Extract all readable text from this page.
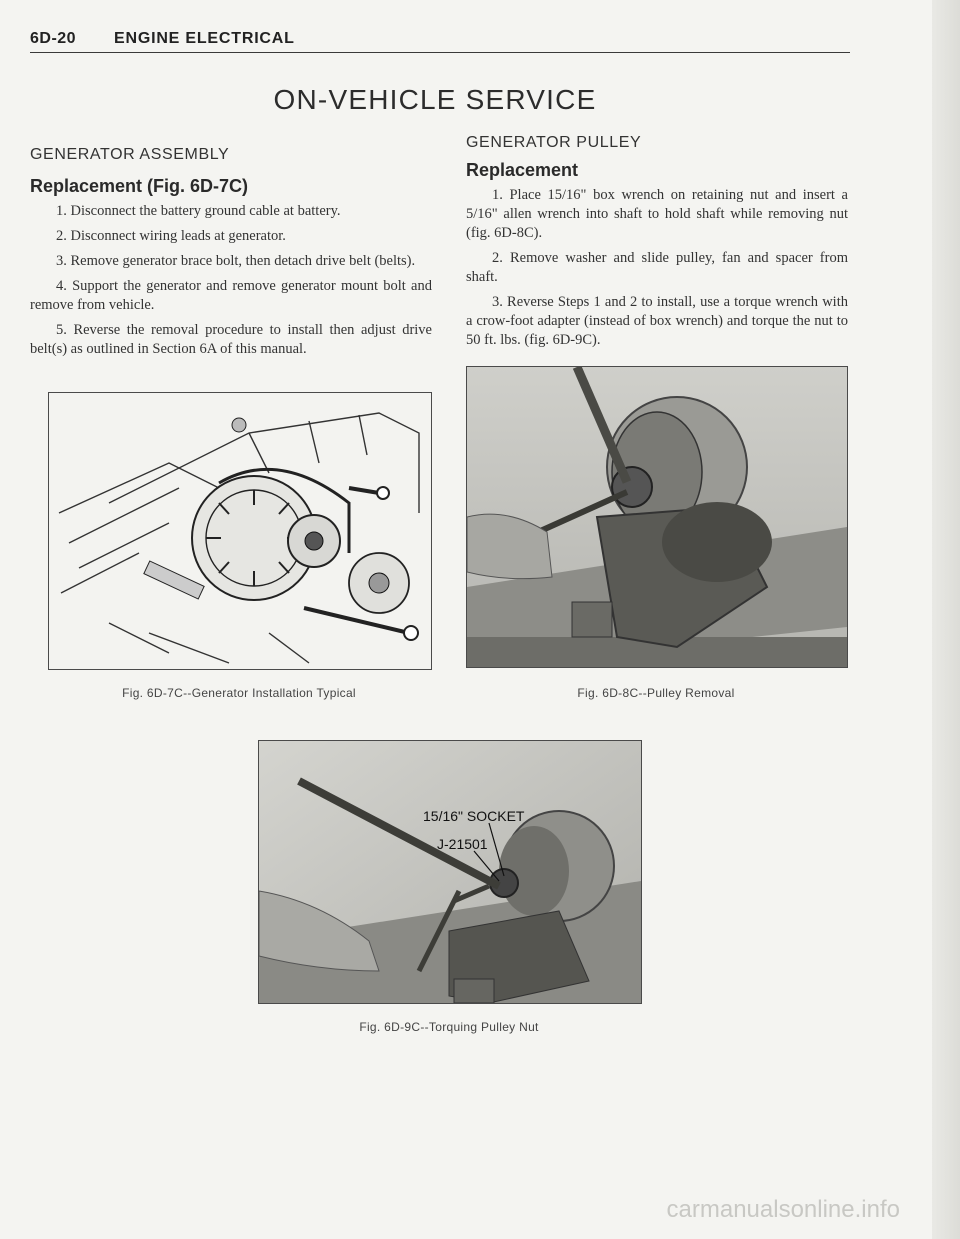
6D-20 ENGINE ELECTRICAL
ON-VEHICLE SERVICE
GENERATOR ASSEMBLY
Replacement (Fig. 6D-7C)

1. Disconnect the battery ground cable at battery.

2. Disconnect wiring leads at generator.

3. Remove generator brace bolt, then detach drive belt (belts).

4. Support the generator and remove generator mount bolt and remove from vehicle.

5. Reverse the removal procedure to install then adjust drive belt(s) as outlined in Section 6A of this manual.

GENERATOR PULLEY
Replacement

1. Place 15/16" box wrench on retaining nut and insert a 5/16" allen wrench into shaft to hold shaft while removing nut (fig. 6D-8C).

2. Remove washer and slide pulley, fan and spacer from shaft.

3. Reverse Steps 1 and 2 to install, use a torque wrench with a crow-foot adapter (instead of box wrench) and torque the nut to 50 ft. lbs. (fig. 6D-9C).

Fig. 6D-7C--Generator Installation Typical	Fig. 6D-8C--Pulley Removal
15/16" SOCKET
J-21501
Fig. 6D-9C--Torquing Pulley Nut
carmanualsonline.info
